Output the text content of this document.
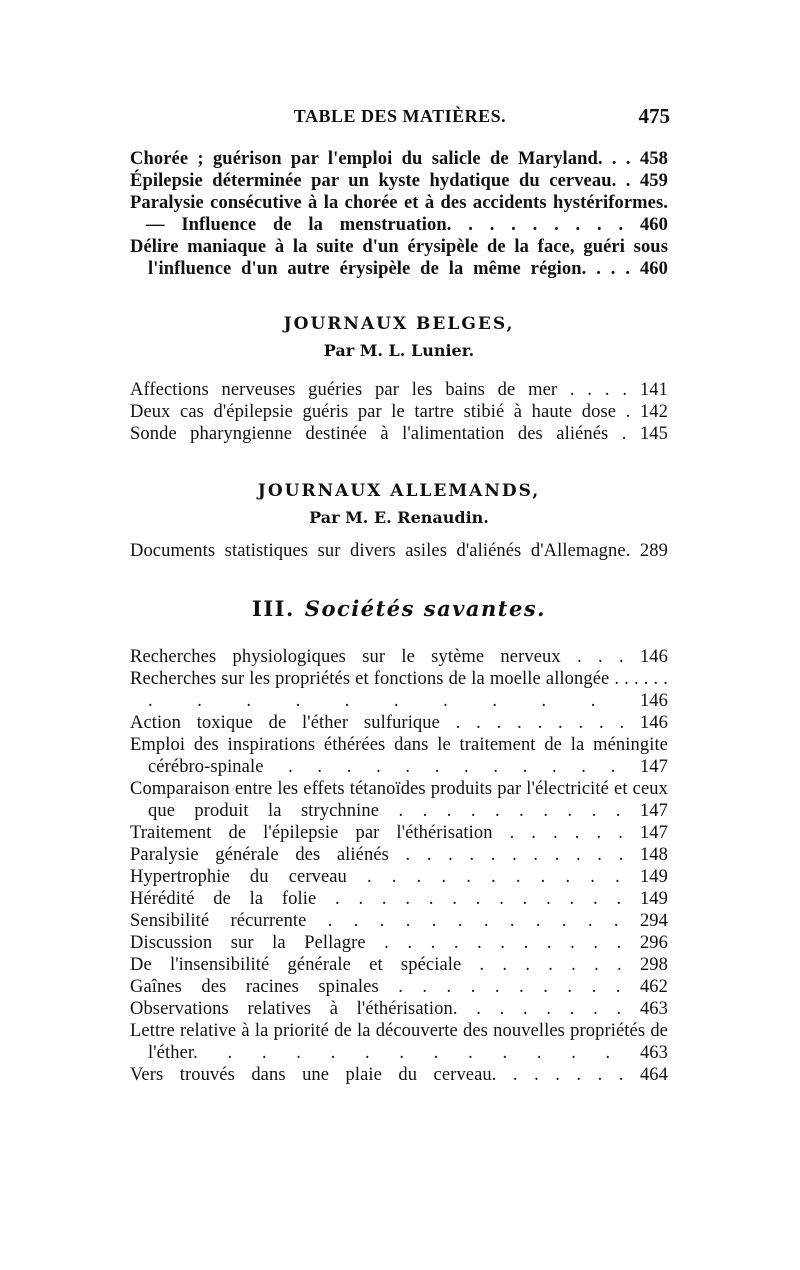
TABLE DES MATIÈRES.	475
Chorée ; guérison par l'emploi du salicle de Maryland. . . 458
Épilepsie déterminée par un kyste hydatique du cerveau. . 459
Paralysie consécutive à la chorée et à des accidents hystériformes.
— Influence de la menstruation. . . . . . . . . 460
Délire maniaque à la suite d'un érysipèle de la face, guéri sous l'influence d'un autre érysipèle de la même région. . . . 460
JOURNAUX BELGES,
Par M. L. Lunier.
Affections nerveuses guéries par les bains de mer . . . . 141
Deux cas d'épilepsie guéris par le tartre stibié à haute dose . 142
Sonde pharyngienne destinée à l'alimentation des aliénés . 145
JOURNAUX ALLEMANDS,
Par M. E. Renaudin.
Documents statistiques sur divers asiles d'aliénés d'Allemagne. 289
III. Sociétés savantes.
Recherches physiologiques sur le sytème nerveux . . . 146
Recherches sur les propriétés et fonctions de la moelle allongée . . . . . . . . . . . . . . . . 146
Action toxique de l'éther sulfurique . . . . . . . . . 146
Emploi des inspirations éthérées dans le traitement de la méningite cérébro-spinale . . . . . . . . . . . . 147
Comparaison entre les effets tétanoïdes produits par l'électricité et ceux que produit la strychnine . . . . . . . . . . 147
Traitement de l'épilepsie par l'éthérisation . . . . . . 147
Paralysie générale des aliénés . . . . . . . . . . . 148
Hypertrophie du cerveau . . . . . . . . . . . 149
Hérédité de la folie . . . . . . . . . . . . . 149
Sensibilité récurrente . . . . . . . . . . . . 294
Discussion sur la Pellagre . . . . . . . . . . . 296
De l'insensibilité générale et spéciale . . . . . . . 298
Gaînes des racines spinales . . . . . . . . . . 462
Observations relatives à l'éthérisation. . . . . . . . 463
Lettre relative à la priorité de la découverte des nouvelles propriétés de l'éther. . . . . . . . . . . . . 463
Vers trouvés dans une plaie du cerveau. . . . . . . 464
